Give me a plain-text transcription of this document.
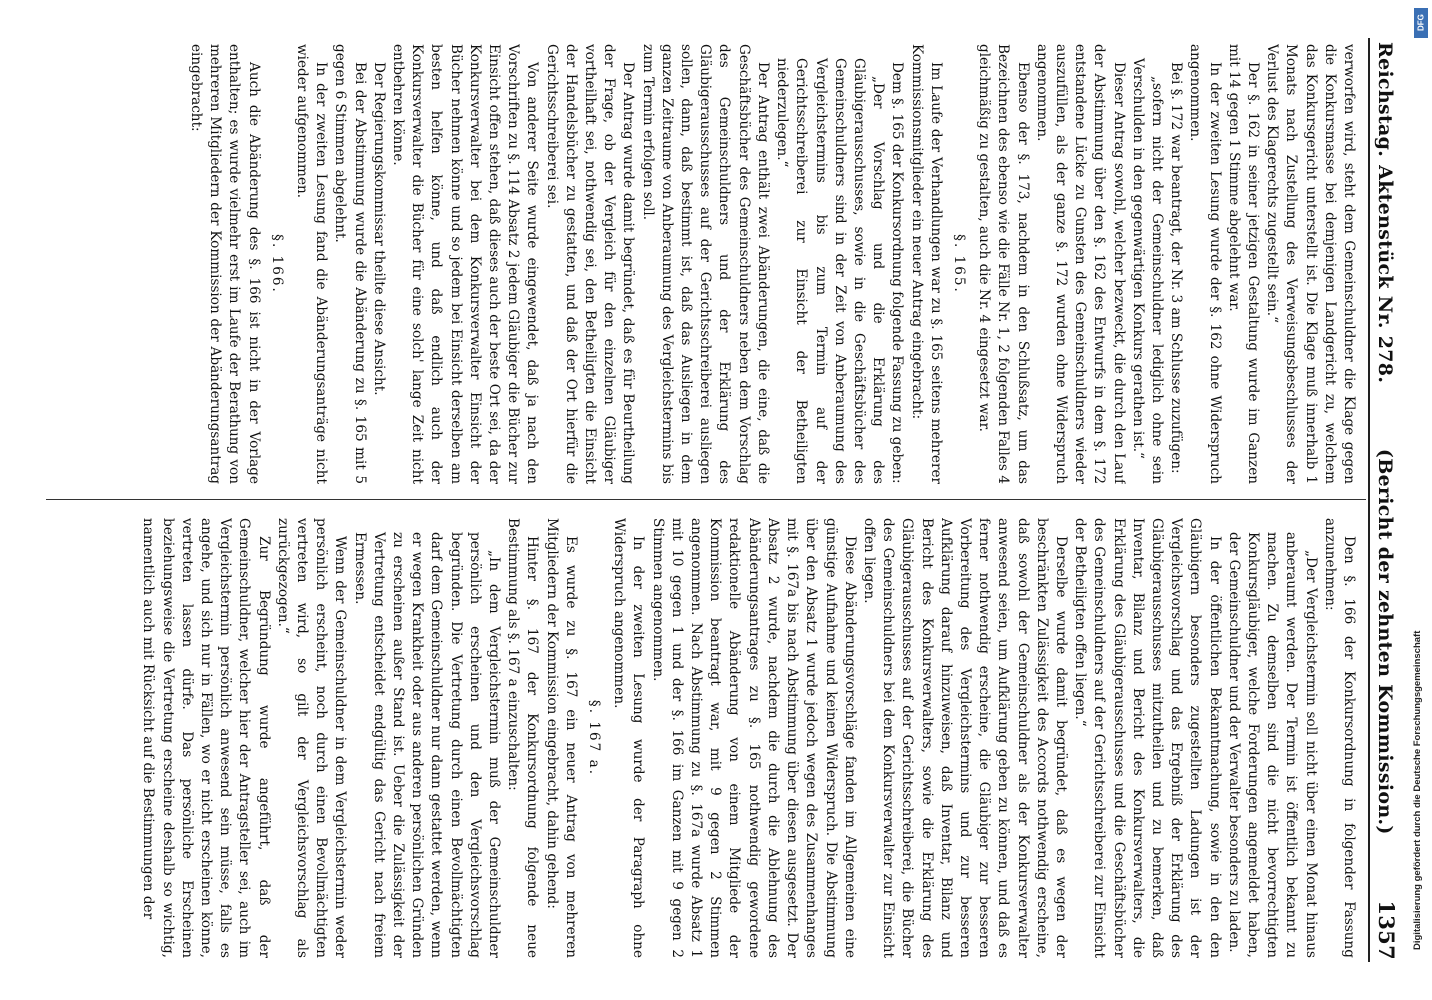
Reichstag.
Aktenstück Nr. 278.
(Bericht der zehnten Kommission.)
1357

verworfen wird, steht dem Gemeinschuldner die Klage gegen die Konkursmasse bei demjenigen Landgericht zu, welchem das Konkursgericht unterstellt ist. Die Klage muß innerhalb 1 Monats nach Zustellung des Verweisungsbeschlusses der Verlust des Klagerechts zugestellt sein.“

Der §. 162 in seiner jetzigen Gestaltung wurde im Ganzen mit 14 gegen 1 Stimme abgelehnt war.

In der zweiten Lesung wurde der §. 162 ohne Widerspruch angenommen.

Bei §. 172 war beantragt, der Nr. 3 am Schlusse zuzufügen:

„sofern nicht der Gemeinschuldner lediglich ohne sein Verschulden in den gegenwärtigen Konkurs gerathen ist.“

Dieser Antrag sowohl, welcher bezweckt, die durch den Lauf der Abstimmung über den §. 162 des Entwurfs in dem §. 172 entstandene Lücke zu Gunsten des Gemeinschuldners wieder auszufüllen, als der ganze §. 172 wurden ohne Widerspruch angenommen.

Ebenso der §. 173, nachdem in den Schlußsatz, um das Bezeichnen des ebenso wie die Fälle Nr. 1, 2 folgenden Falles 4 gleichmäßig zu gestalten, auch die Nr. 4 eingesetzt war.

§. 165.

Im Laufe der Verhandlungen war zu §. 165 seitens mehrerer Kommissionsmitglieder ein neuer Antrag eingebracht:

Dem §. 165 der Konkursordnung folgende Fassung zu geben:

„Der Vorschlag und die Erklärung des Gläubigerausschusses, sowie in die Geschäftsbücher des Gemeinschuldners sind in der Zeit von Anberaumung des Vergleichstermins bis zum Termin auf der Gerichtsschreiberei zur Einsicht der Betheiligten niederzulegen.“

Der Antrag enthält zwei Abänderungen, die eine, daß die Geschäftsbücher des Gemeinschuldners neben dem Vorschlag des Gemeinschuldners und der Erklärung des Gläubigerausschusses auf der Gerichtsschreiberei ausliegen sollen, dann, daß bestimmt ist, daß das Ausliegen in dem ganzen Zeitraume von Anberaumung des Vergleichstermins bis zum Termin erfolgen soll.

Der Antrag wurde damit begründet, daß es für Beurtheilung der Frage, ob der Vergleich für den einzelnen Gläubiger vortheilhaft sei, nothwendig sei, den Betheiligten die Einsicht der Handelsbücher zu gestatten, und daß der Ort hierfür die Gerichtsschreiberei sei.

Von anderer Seite wurde eingewendet, daß ja nach den Vorschriften zu §. 114 Absatz 2 jedem Gläubiger die Bücher zur Einsicht offen stehen, daß dieses auch der beste Ort sei, da der Konkursverwalter bei dem Konkursverwalter Einsicht der Bücher nehmen könne und so jedem bei Einsicht derselben am besten helfen könne, und daß endlich auch der Konkursverwalter die Bücher für eine solch' lange Zeit nicht entbehren könne.

Der Regierungskommissar theilte diese Ansicht.

Bei der Abstimmung wurde die Abänderung zu §. 165 mit 5 gegen 6 Stimmen abgelehnt.

In der zweiten Lesung fand die Abänderungsanträge nicht wieder aufgenommen.

§. 166.

Auch die Abänderung des §. 166 ist nicht in der Vorlage enthalten; es wurde vielmehr erst im Laufe der Berathung von mehreren Mitgliedern der Kommission der Abänderungsantrag eingebracht:

Den §. 166 der Konkursordnung in folgender Fassung anzunehmen:

„Der Vergleichstermin soll nicht über einen Monat hinaus anberaumt werden. Der Termin ist öffentlich bekannt zu machen. Zu demselben sind die nicht bevorrechtigten Konkursgläubiger, welche Forderungen angemeldet haben, der Gemeinschuldner und der Verwalter besonders zu laden.

In der öffentlichen Bekanntmachung, sowie in den den Gläubigern besonders zugestellten Ladungen ist der Vergleichsvorschlag und das Ergebniß der Erklärung des Gläubigerausschusses mitzutheilen und zu bemerken, daß Inventar, Bilanz und Bericht des Konkursverwalters, die Erklärung des Gläubigerausschusses und die Geschäftsbücher des Gemeinschuldners auf der Gerichtsschreiberei zur Einsicht der Betheiligten offen liegen.“

Derselbe wurde damit begründet, daß es wegen der beschränkten Zulässigkeit des Accords nothwendig erscheine, daß sowohl der Gemeinschuldner als der Konkursverwalter anwesend seien, um Aufklärung geben zu können, und daß es ferner nothwendig erscheine, die Gläubiger zur besseren Vorbereitung des Vergleichstermins und zur besseren Aufklärung darauf hinzuweisen, daß Inventar, Bilanz und Bericht des Konkursverwalters, sowie die Erklärung des Gläubigerausschusses auf der Gerichtsschreiberei, die Bücher des Gemeinschuldners bei dem Konkursverwalter zur Einsicht offen liegen.

Diese Abänderungsvorschläge fanden im Allgemeinen eine günstige Aufnahme und keinen Widerspruch. Die Abstimmung über den Absatz 1 wurde jedoch wegen des Zusammenhanges mit §. 167a bis nach Abstimmung über diesen ausgesetzt. Der Absatz 2 wurde, nachdem die durch die Ablehnung des Abänderungsantrages zu §. 165 nothwendig gewordene redaktionelle Abänderung von einem Mitgliede der Kommission beantragt war, mit 9 gegen 2 Stimmen angenommen. Nach Abstimmung zu §. 167a wurde Absatz 1 mit 10 gegen 1 und der §. 166 im Ganzen mit 9 gegen 2 Stimmen angenommen.

In der zweiten Lesung wurde der Paragraph ohne Widerspruch angenommen.

§. 167 a.

Es wurde zu §. 167 ein neuer Antrag von mehreren Mitgliedern der Kommission eingebracht, dahin gehend:

Hinter §. 167 der Konkursordnung folgende neue Bestimmung als §. 167 a einzuschalten:

„In dem Vergleichstermin muß der Gemeinschuldner persönlich erscheinen und den Vergleichsvorschlag begründen. Die Vertretung durch einen Bevollmächtigten darf dem Gemeinschuldner nur dann gestattet werden, wenn er wegen Krankheit oder aus anderen persönlichen Gründen zu erscheinen außer Stand ist. Ueber die Zulässigkeit der Vertretung entscheidet endgültig das Gericht nach freiem Ermessen.

Wenn der Gemeinschuldner in dem Vergleichstermin weder persönlich erscheint, noch durch einen Bevollmächtigten vertreten wird, so gilt der Vergleichsvorschlag als zurückgezogen.“

Zur Begründung wurde angeführt, daß der Gemeinschuldner, welcher hier der Antragsteller sei, auch im Vergleichstermin persönlich anwesend sein müsse, falls es angehe, und sich nur in Fällen, wo er nicht erscheinen könne, vertreten lassen dürfe. Das persönliche Erscheinen beziehungsweise die Vertretung erscheine deshalb so wichtig, namentlich auch mit Rücksicht auf die Bestimmungen der

DFG
Digitalisierung gefördert durch die Deutsche Forschungsgemeinschaft
